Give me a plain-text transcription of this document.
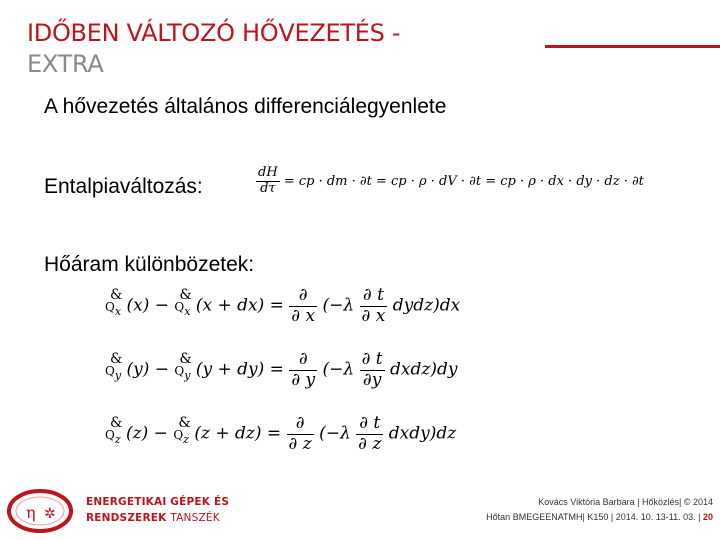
IDŐBEN VÁLTOZÓ HŐVEZETÉS -
EXTRA
A hővezetés általános differenciálegyenlete
Entalpiaváltozás:	$\frac{dH}{d\tau}$ = cp · dm · ∂t = cp · ρ · dV · ∂t = cp · ρ · dx · dy · dz · ∂t
Hőáram különbözetek:
Q
&
$_x$ (x) − Q
&
$_x$ $(x + dx) = \frac{\partial}{\partial x} (-\lambda \frac{\partial t}{\partial x}$ dydz)dx
Q
&
$_y$ (y) − Q
&
$_y$ $(y + dy) = \frac{\partial}{\partial y} (-\lambda \frac{\partial t}{\partial y}$ dxdz)dy
Q
&
$_z$ (z) − Q
&
$_z$ $(z + dz) = \frac{\partial}{\partial z} (-\lambda \frac{\partial t}{\partial z}$ dxdy)dz
η ✲
ENERGETIKAI GÉPEK ÉS
RENDSZEREK TANSZÉK
Kovács Viktória Barbara | Hőközlés| © 2014
Hőtan BMEGEENATMH| K150 | 2014. 10. 13-11. 03. | 20
